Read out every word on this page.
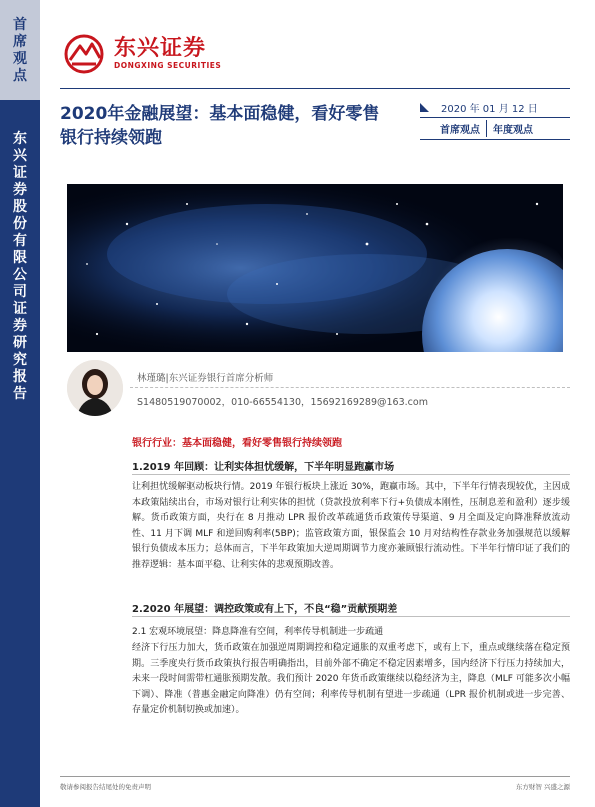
首
席
观
点
东
兴
证
券
股
份
有
限
公
司
证
券
研
究
报
告
东兴证券
DONGXING SECURITIES
2020年金融展望：基本面稳健，看好零售银行持续领跑
2020 年 01 月 12 日
首席观点	年度观点
林瑾璐|东兴证券银行首席分析师
S1480519070002，010-66554130，15692169289@163.com
银行行业：基本面稳健，看好零售银行持续领跑
1.2019 年回顾：让利实体担忧缓解，下半年明显跑赢市场
让利担忧缓解驱动板块行情。2019 年银行板块上涨近 30%，跑赢市场。其中，下半年行情表现较优，主因成本政策陆续出台，市场对银行让利实体的担忧（贷款投放利率下行+负债成本刚性，压制息差和盈利）逐步缓解。货币政策方面，央行在 8 月推动 LPR 报价改革疏通货币政策传导渠道、9 月全面及定向降准释放流动性、11 月下调 MLF 和逆回购利率(5BP)；监管政策方面，银保监会 10 月对结构性存款业务加强规范以缓解银行负债成本压力；总体而言，下半年政策加大逆周期调节力度亦兼顾银行流动性。下半年行情印证了我们的推荐逻辑：基本面平稳、让利实体的悲观预期改善。
2.2020 年展望：调控政策或有上下，不良“稳”贡献预期差
2.1 宏观环境展望：降息降准有空间，利率传导机制进一步疏通
经济下行压力加大，货币政策在加强逆周期调控和稳定通胀的双重考虑下，或有上下，重点或继续落在稳定预期。三季度央行货币政策执行报告明确指出，目前外部不确定不稳定因素增多，国内经济下行压力持续加大，未来一段时间需带杠通胀预期发散。我们预计 2020 年货币政策继续以稳经济为主，降息（MLF 可能多次小幅下调）、降准（普惠金融定向降准）仍有空间；利率传导机制有望进一步疏通（LPR 报价机制或进一步完善、存量定价机制切换或加速）。
敬请参阅报告结尾处的免责声明	东方财智 兴盛之源
